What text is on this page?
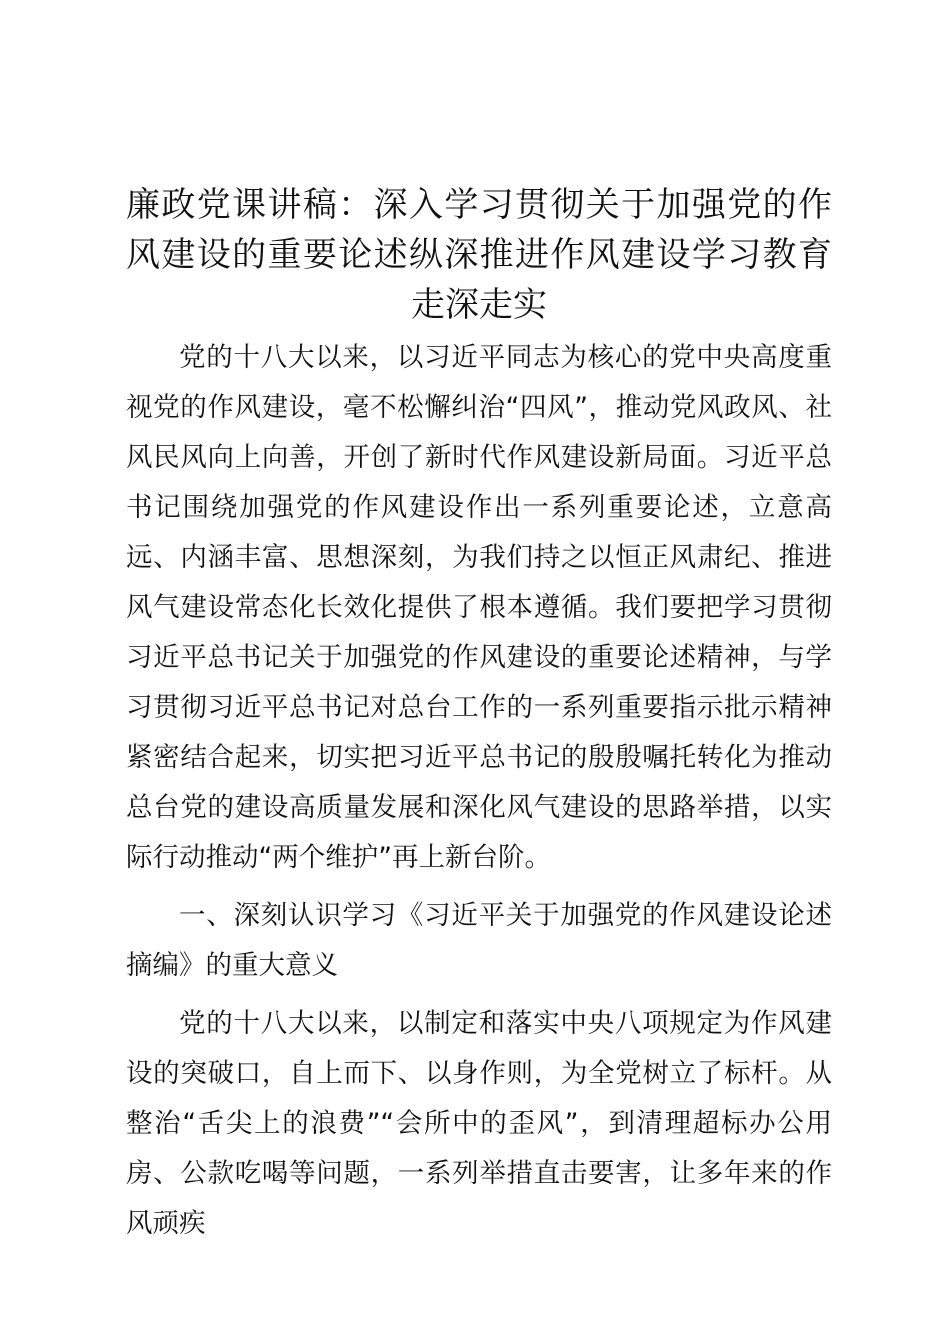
廉政党课讲稿：深入学习贯彻关于加强党的作风建设的重要论述纵深推进作风建设学习教育走深走实

党的十八大以来，以习近平同志为核心的党中央高度重视党的作风建设，毫不松懈纠治“四风”，推动党风政风、社风民风向上向善，开创了新时代作风建设新局面。习近平总书记围绕加强党的作风建设作出一系列重要论述，立意高远、内涵丰富、思想深刻，为我们持之以恒正风肃纪、推进风气建设常态化长效化提供了根本遵循。我们要把学习贯彻习近平总书记关于加强党的作风建设的重要论述精神，与学习贯彻习近平总书记对总台工作的一系列重要指示批示精神紧密结合起来，切实把习近平总书记的殷殷嘱托转化为推动总台党的建设高质量发展和深化风气建设的思路举措，以实际行动推动“两个维护”再上新台阶。

一、深刻认识学习《习近平关于加强党的作风建设论述摘编》的重大意义

党的十八大以来，以制定和落实中央八项规定为作风建设的突破口，自上而下、以身作则，为全党树立了标杆。从整治“舌尖上的浪费”“会所中的歪风”，到清理超标办公用房、公款吃喝等问题，一系列举措直击要害，让多年来的作风顽疾
